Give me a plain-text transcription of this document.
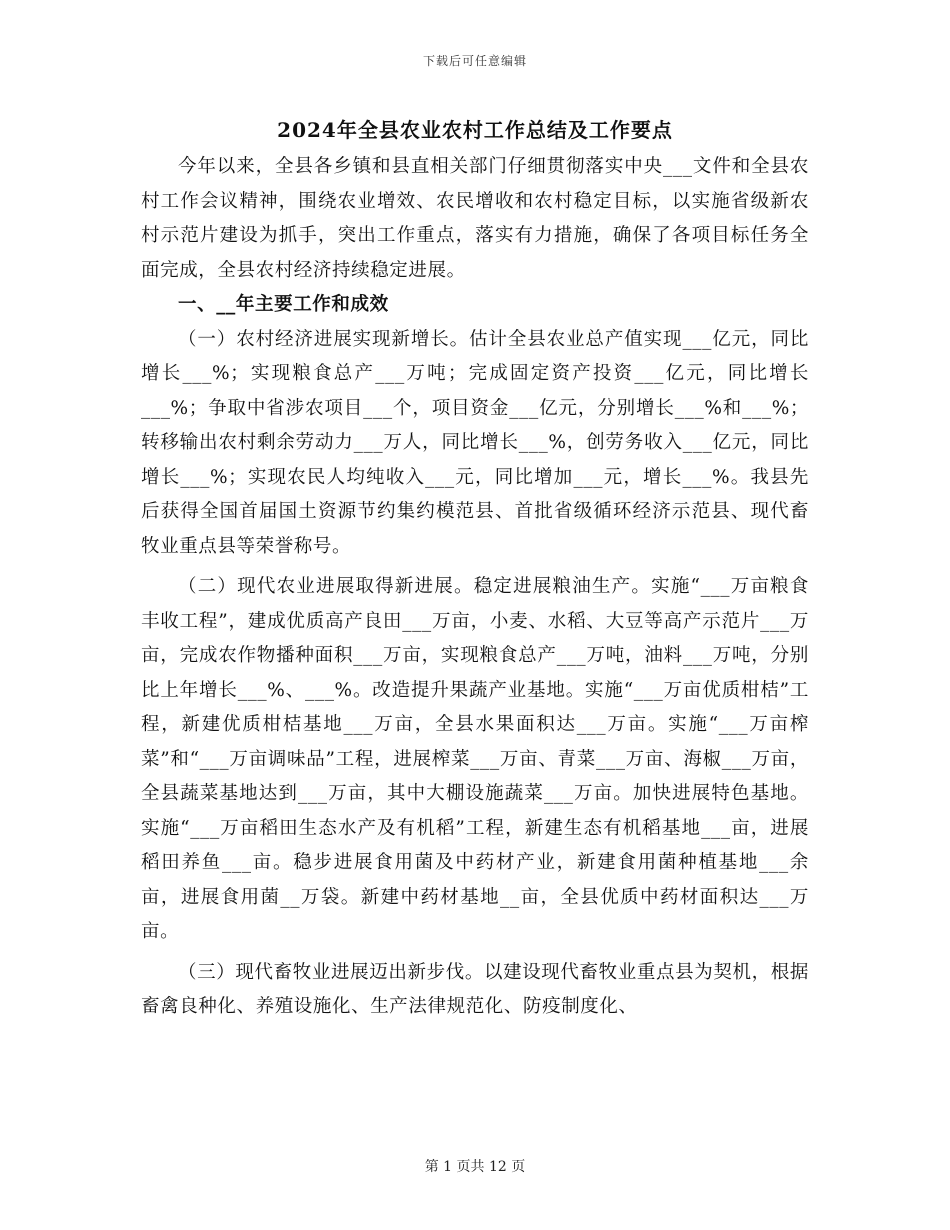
下载后可任意编辑
2024年全县农业农村工作总结及工作要点

今年以来，全县各乡镇和县直相关部门仔细贯彻落实中央___文件和全县农村工作会议精神，围绕农业增效、农民增收和农村稳定目标，以实施省级新农村示范片建设为抓手，突出工作重点，落实有力措施，确保了各项目标任务全面完成，全县农村经济持续稳定进展。

一、__年主要工作和成效

（一）农村经济进展实现新增长。估计全县农业总产值实现___亿元，同比增长___%；实现粮食总产___万吨；完成固定资产投资___亿元，同比增长___%；争取中省涉农项目___个，项目资金___亿元，分别增长___%和___%；转移输出农村剩余劳动力___万人，同比增长___%，创劳务收入___亿元，同比增长___%；实现农民人均纯收入___元，同比增加___元，增长___%。我县先后获得全国首届国土资源节约集约模范县、首批省级循环经济示范县、现代畜牧业重点县等荣誉称号。

（二）现代农业进展取得新进展。稳定进展粮油生产。实施“___万亩粮食丰收工程”，建成优质高产良田___万亩，小麦、水稻、大豆等高产示范片___万亩，完成农作物播种面积___万亩，实现粮食总产___万吨，油料___万吨，分别比上年增长___%、___%。改造提升果蔬产业基地。实施“___万亩优质柑桔”工程，新建优质柑桔基地___万亩，全县水果面积达___万亩。实施“___万亩榨菜”和“___万亩调味品”工程，进展榨菜___万亩、青菜___万亩、海椒___万亩，全县蔬菜基地达到___万亩，其中大棚设施蔬菜___万亩。加快进展特色基地。实施“___万亩稻田生态水产及有机稻”工程，新建生态有机稻基地___亩，进展稻田养鱼___亩。稳步进展食用菌及中药材产业，新建食用菌种植基地___余亩，进展食用菌__万袋。新建中药材基地__亩，全县优质中药材面积达___万亩。

（三）现代畜牧业进展迈出新步伐。以建设现代畜牧业重点县为契机，根据畜禽良种化、养殖设施化、生产法律规范化、防疫制度化、

第 1 页共 12 页
